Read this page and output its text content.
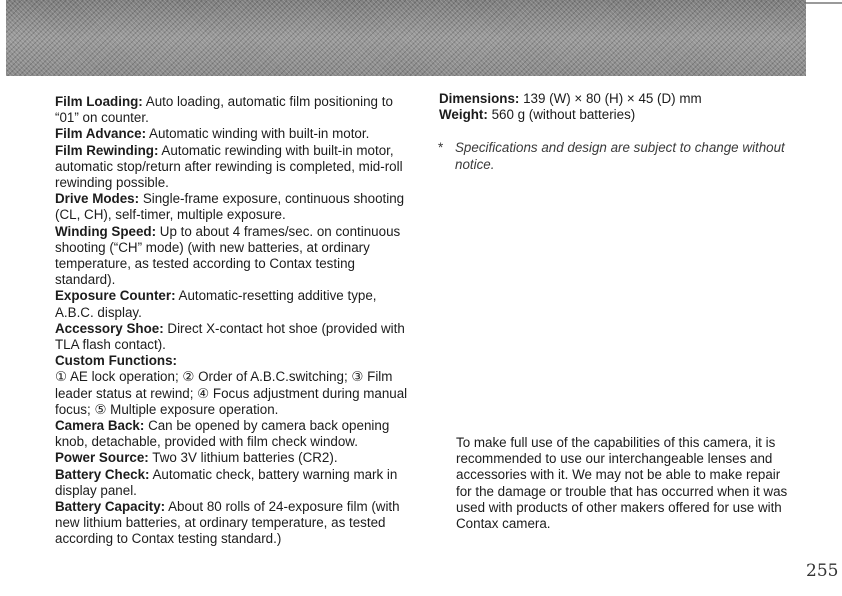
Film Loading: Auto loading, automatic film positioning to “01” on counter.

Film Advance: Automatic winding with built-in motor.

Film Rewinding: Automatic rewinding with built-in motor, automatic stop/return after rewinding is completed, mid-roll rewinding possible.

Drive Modes: Single-frame exposure, continuous shooting (CL, CH), self-timer, multiple exposure.

Winding Speed: Up to about 4 frames/sec. on continuous shooting (“CH” mode) (with new batteries, at ordinary temperature, as tested according to Contax testing standard).

Exposure Counter: Automatic-resetting additive type, A.B.C. display.

Accessory Shoe: Direct X-contact hot shoe (provided with TLA flash contact).

Custom Functions:
① AE lock operation; ② Order of A.B.C.switching; ③ Film leader status at rewind; ④ Focus adjustment during manual focus; ⑤ Multiple exposure operation.

Camera Back: Can be opened by camera back opening knob, detachable, provided with film check window.

Power Source: Two 3V lithium batteries (CR2).

Battery Check: Automatic check, battery warning mark in display panel.

Battery Capacity: About 80 rolls of 24-exposure film (with new lithium batteries, at ordinary temperature, as tested according to Contax testing standard.)

Dimensions: 139 (W) × 80 (H) × 45 (D) mm

Weight: 560 g (without batteries)

* Specifications and design are subject to change without notice.
To make full use of the capabilities of this camera, it is recommended to use our interchangeable lenses and accessories with it. We may not be able to make repair for the damage or trouble that has occurred when it was used with products of other makers offered for use with Contax camera.
255
